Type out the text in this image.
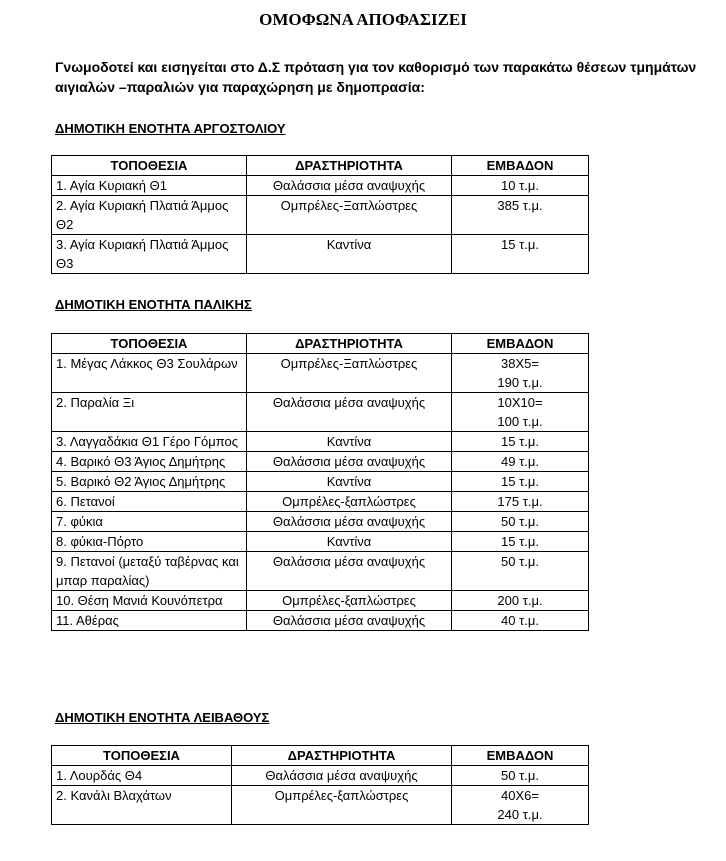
ΟΜΟΦΩΝΑ ΑΠΟΦΑΣΙΖΕΙ

Γνωμοδοτεί και εισηγείται στο Δ.Σ πρόταση για τον καθορισμό των παρακάτω θέσεων τμημάτων αιγιαλών –παραλιών για παραχώρηση με δημοπρασία:

ΔΗΜΟΤΙΚΗ ΕΝΟΤΗΤΑ ΑΡΓΟΣΤΟΛΙΟΥ

ΤΟΠΟΘΕΣΙΑ	ΔΡΑΣΤΗΡΙΟΤΗΤΑ	ΕΜΒΑΔΟΝ
1. Αγία Κυριακή Θ1	Θαλάσσια μέσα αναψυχής	10 τ.μ.
2. Αγία Κυριακή Πλατιά Άμμος Θ2	Ομπρέλες-Ξαπλώστρες	385 τ.μ.
3. Αγία Κυριακή Πλατιά Άμμος Θ3	Καντίνα	15 τ.μ.

ΔΗΜΟΤΙΚΗ ΕΝΟΤΗΤΑ ΠΑΛΙΚΗΣ

ΤΟΠΟΘΕΣΙΑ	ΔΡΑΣΤΗΡΙΟΤΗΤΑ	ΕΜΒΑΔΟΝ
1. Μέγας Λάκκος Θ3 Σουλάρων	Ομπρέλες-Ξαπλώστρες	38Χ5=
190 τ.μ.
2. Παραλία Ξι	Θαλάσσια μέσα αναψυχής	10Χ10=
100 τ.μ.
3. Λαγγαδάκια Θ1 Γέρο Γόμπος	Καντίνα	15 τ.μ.
4. Βαρικό Θ3 Άγιος Δημήτρης	Θαλάσσια μέσα αναψυχής	49 τ.μ.
5. Βαρικό Θ2 Άγιος Δημήτρης	Καντίνα	15 τ.μ.
6. Πετανοί	Ομπρέλες-ξαπλώστρες	175 τ.μ.
7. φύκια	Θαλάσσια μέσα αναψυχής	50 τ.μ.
8. φύκια-Πόρτο	Καντίνα	15 τ.μ.
9. Πετανοί (μεταξύ ταβέρνας και μπαρ παραλίας)	Θαλάσσια μέσα αναψυχής	50 τ.μ.
10. Θέση Μανιά Κουνόπετρα	Ομπρέλες-ξαπλώστρες	200 τ.μ.
11. Αθέρας	Θαλάσσια μέσα αναψυχής	40 τ.μ.

ΔΗΜΟΤΙΚΗ ΕΝΟΤΗΤΑ ΛΕΙΒΑΘΟΥΣ

ΤΟΠΟΘΕΣΙΑ	ΔΡΑΣΤΗΡΙΟΤΗΤΑ	ΕΜΒΑΔΟΝ
1. Λουρδάς Θ4	Θαλάσσια μέσα αναψυχής	50 τ.μ.
2. Κανάλι Βλαχάτων	Ομπρέλες-ξαπλώστρες	40Χ6=
240 τ.μ.
